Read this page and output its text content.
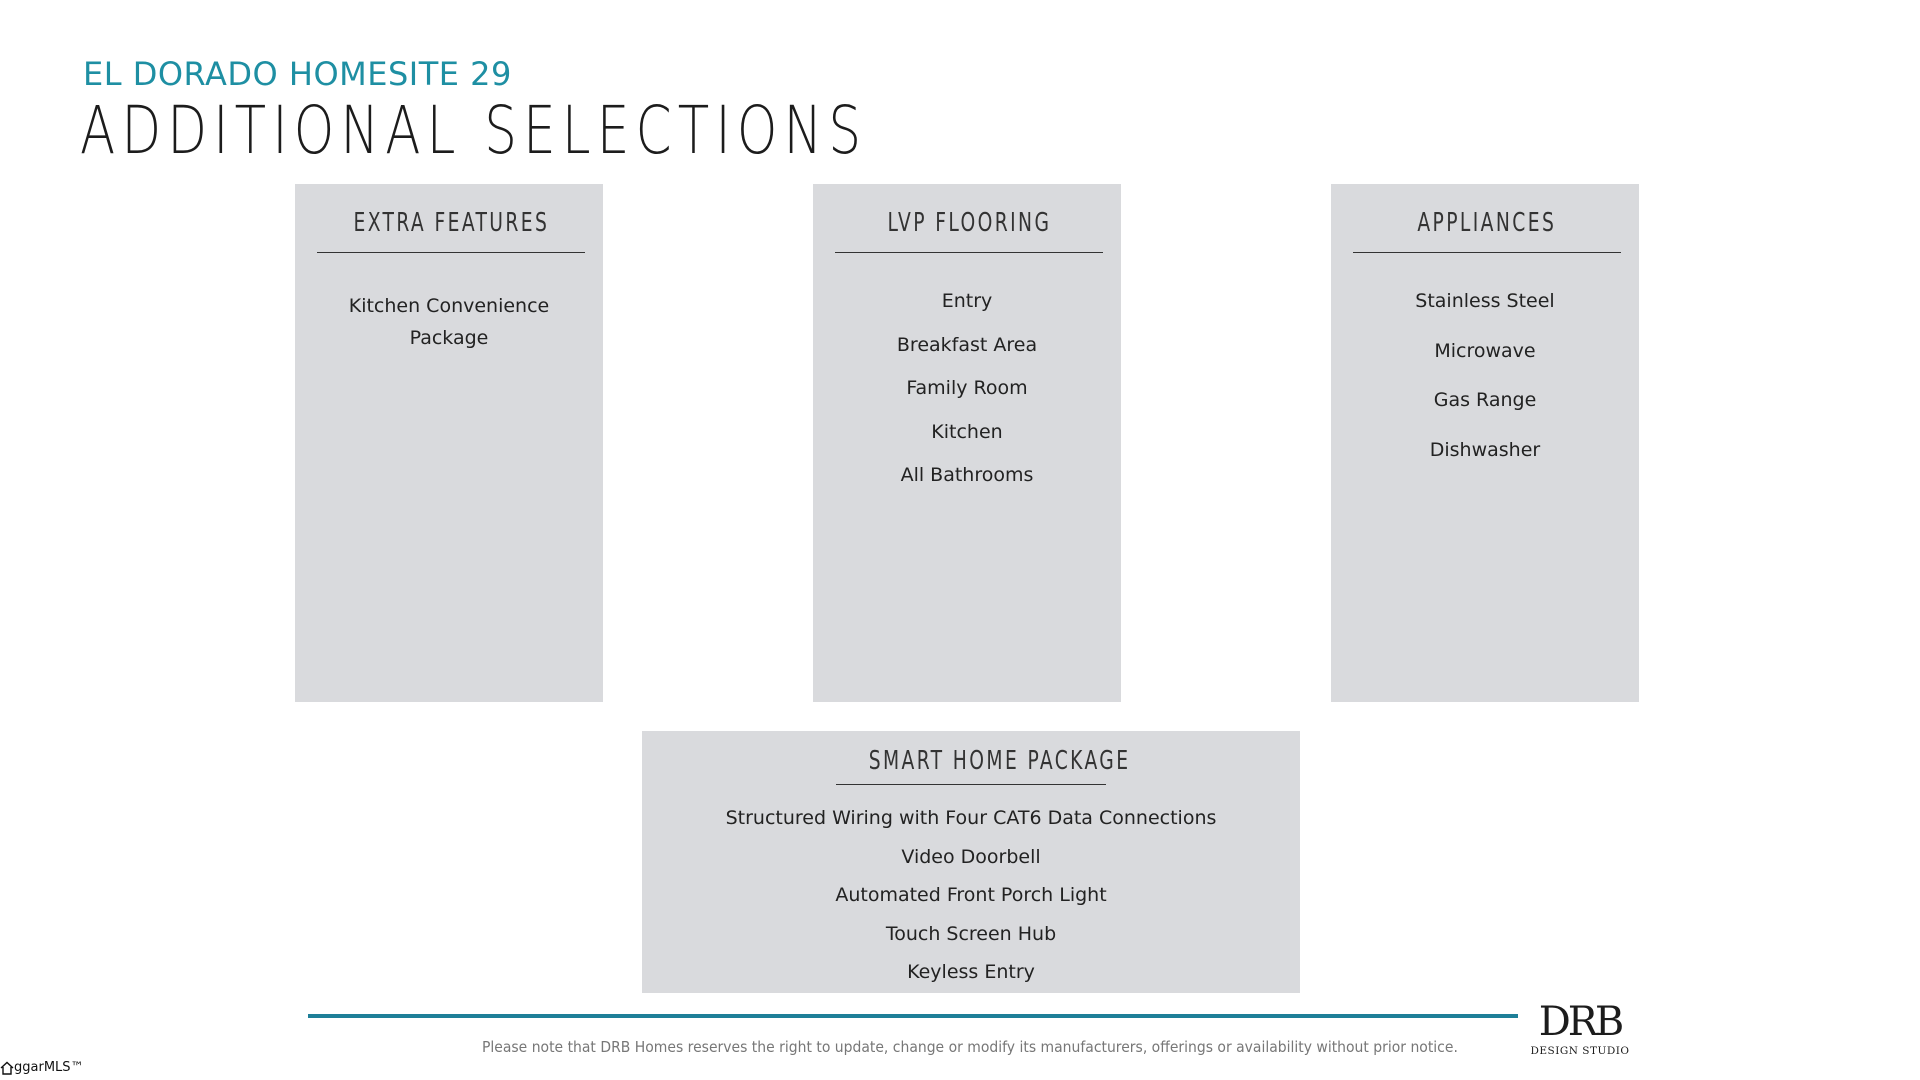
EL DORADO HOMESITE 29
ADDITIONAL SELECTIONS
EXTRA FEATURES
Kitchen Convenience Package
LVP FLOORING
Entry
Breakfast Area
Family Room
Kitchen
All Bathrooms
APPLIANCES
Stainless Steel
Microwave
Gas Range
Dishwasher
SMART HOME PACKAGE
Structured Wiring with Four CAT6 Data Connections
Video Doorbell
Automated Front Porch Light
Touch Screen Hub
Keyless Entry
Please note that DRB Homes reserves the right to update, change or modify its manufacturers, offerings or availability without prior notice.
DRB
DESIGN STUDIO
ggarMLS™
